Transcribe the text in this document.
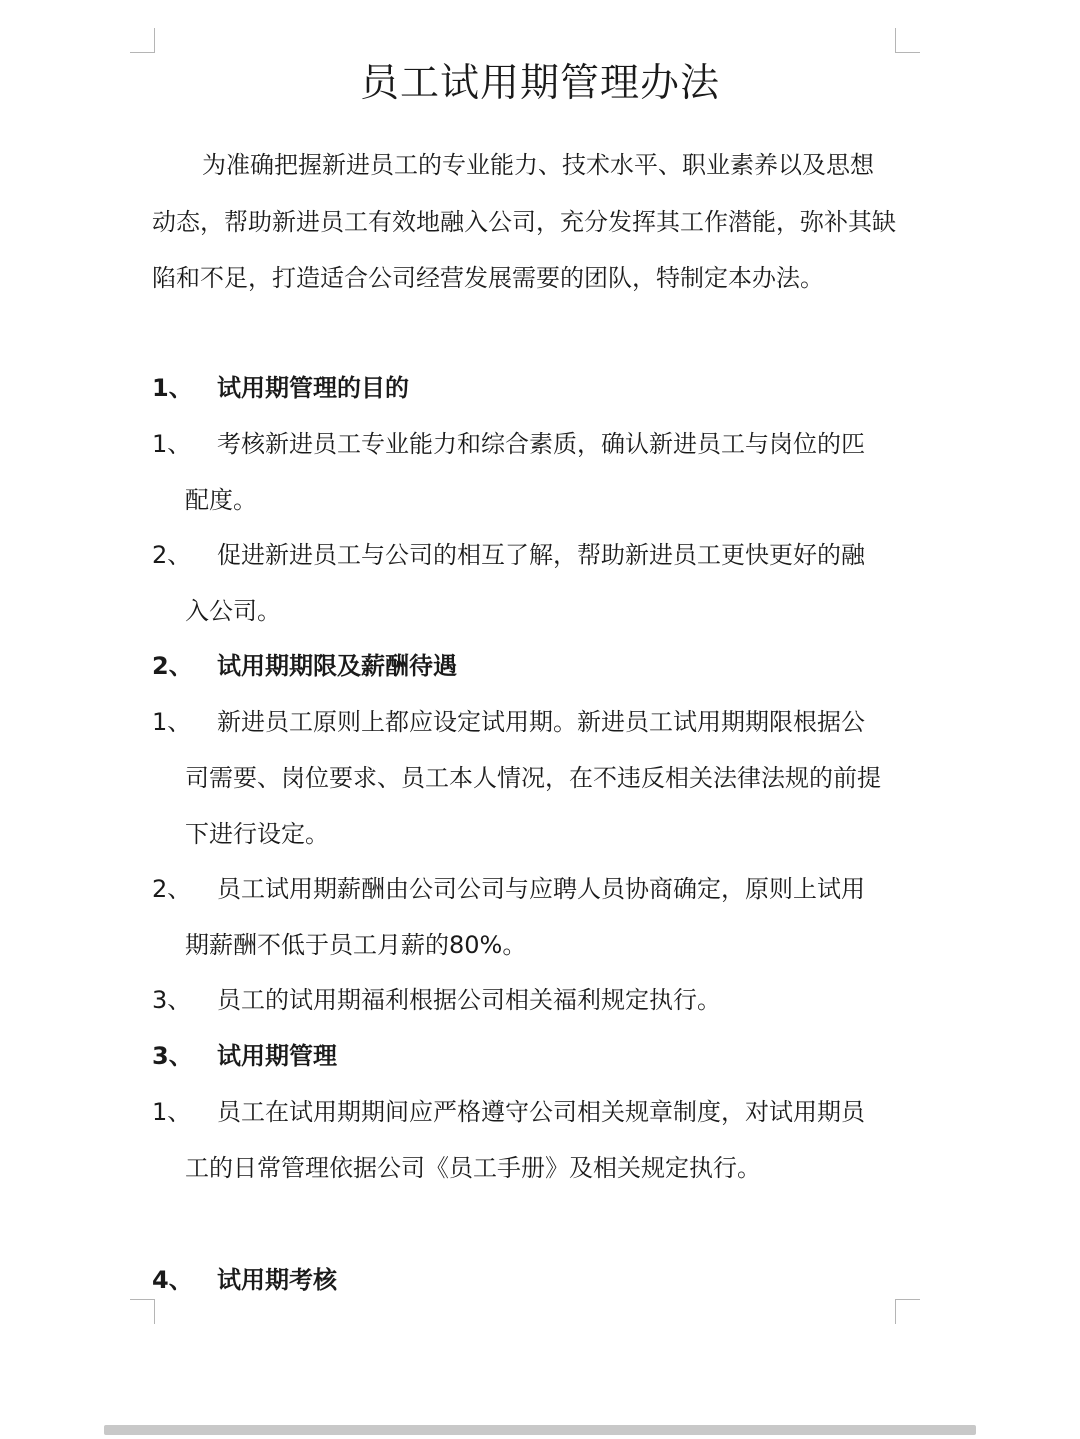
员工试用期管理办法

为准确把握新进员工的专业能力、技术水平、职业素养以及思想动态，帮助新进员工有效地融入公司，充分发挥其工作潜能，弥补其缺陷和不足，打造适合公司经营发展需要的团队，特制定本办法。

1、 试用期管理的目的
1、 考核新进员工专业能力和综合素质，确认新进员工与岗位的匹
配度。
2、 促进新进员工与公司的相互了解，帮助新进员工更快更好的融
入公司。
2、 试用期期限及薪酬待遇
1、 新进员工原则上都应设定试用期。新进员工试用期期限根据公
司需要、岗位要求、员工本人情况，在不违反相关法律法规的前提下进行设定。
2、 员工试用期薪酬由公司公司与应聘人员协商确定，原则上试用
期薪酬不低于员工月薪的80%。
3、 员工的试用期福利根据公司相关福利规定执行。
3、 试用期管理
1、 员工在试用期期间应严格遵守公司相关规章制度，对试用期员
工的日常管理依据公司《员工手册》及相关规定执行。
4、 试用期考核
